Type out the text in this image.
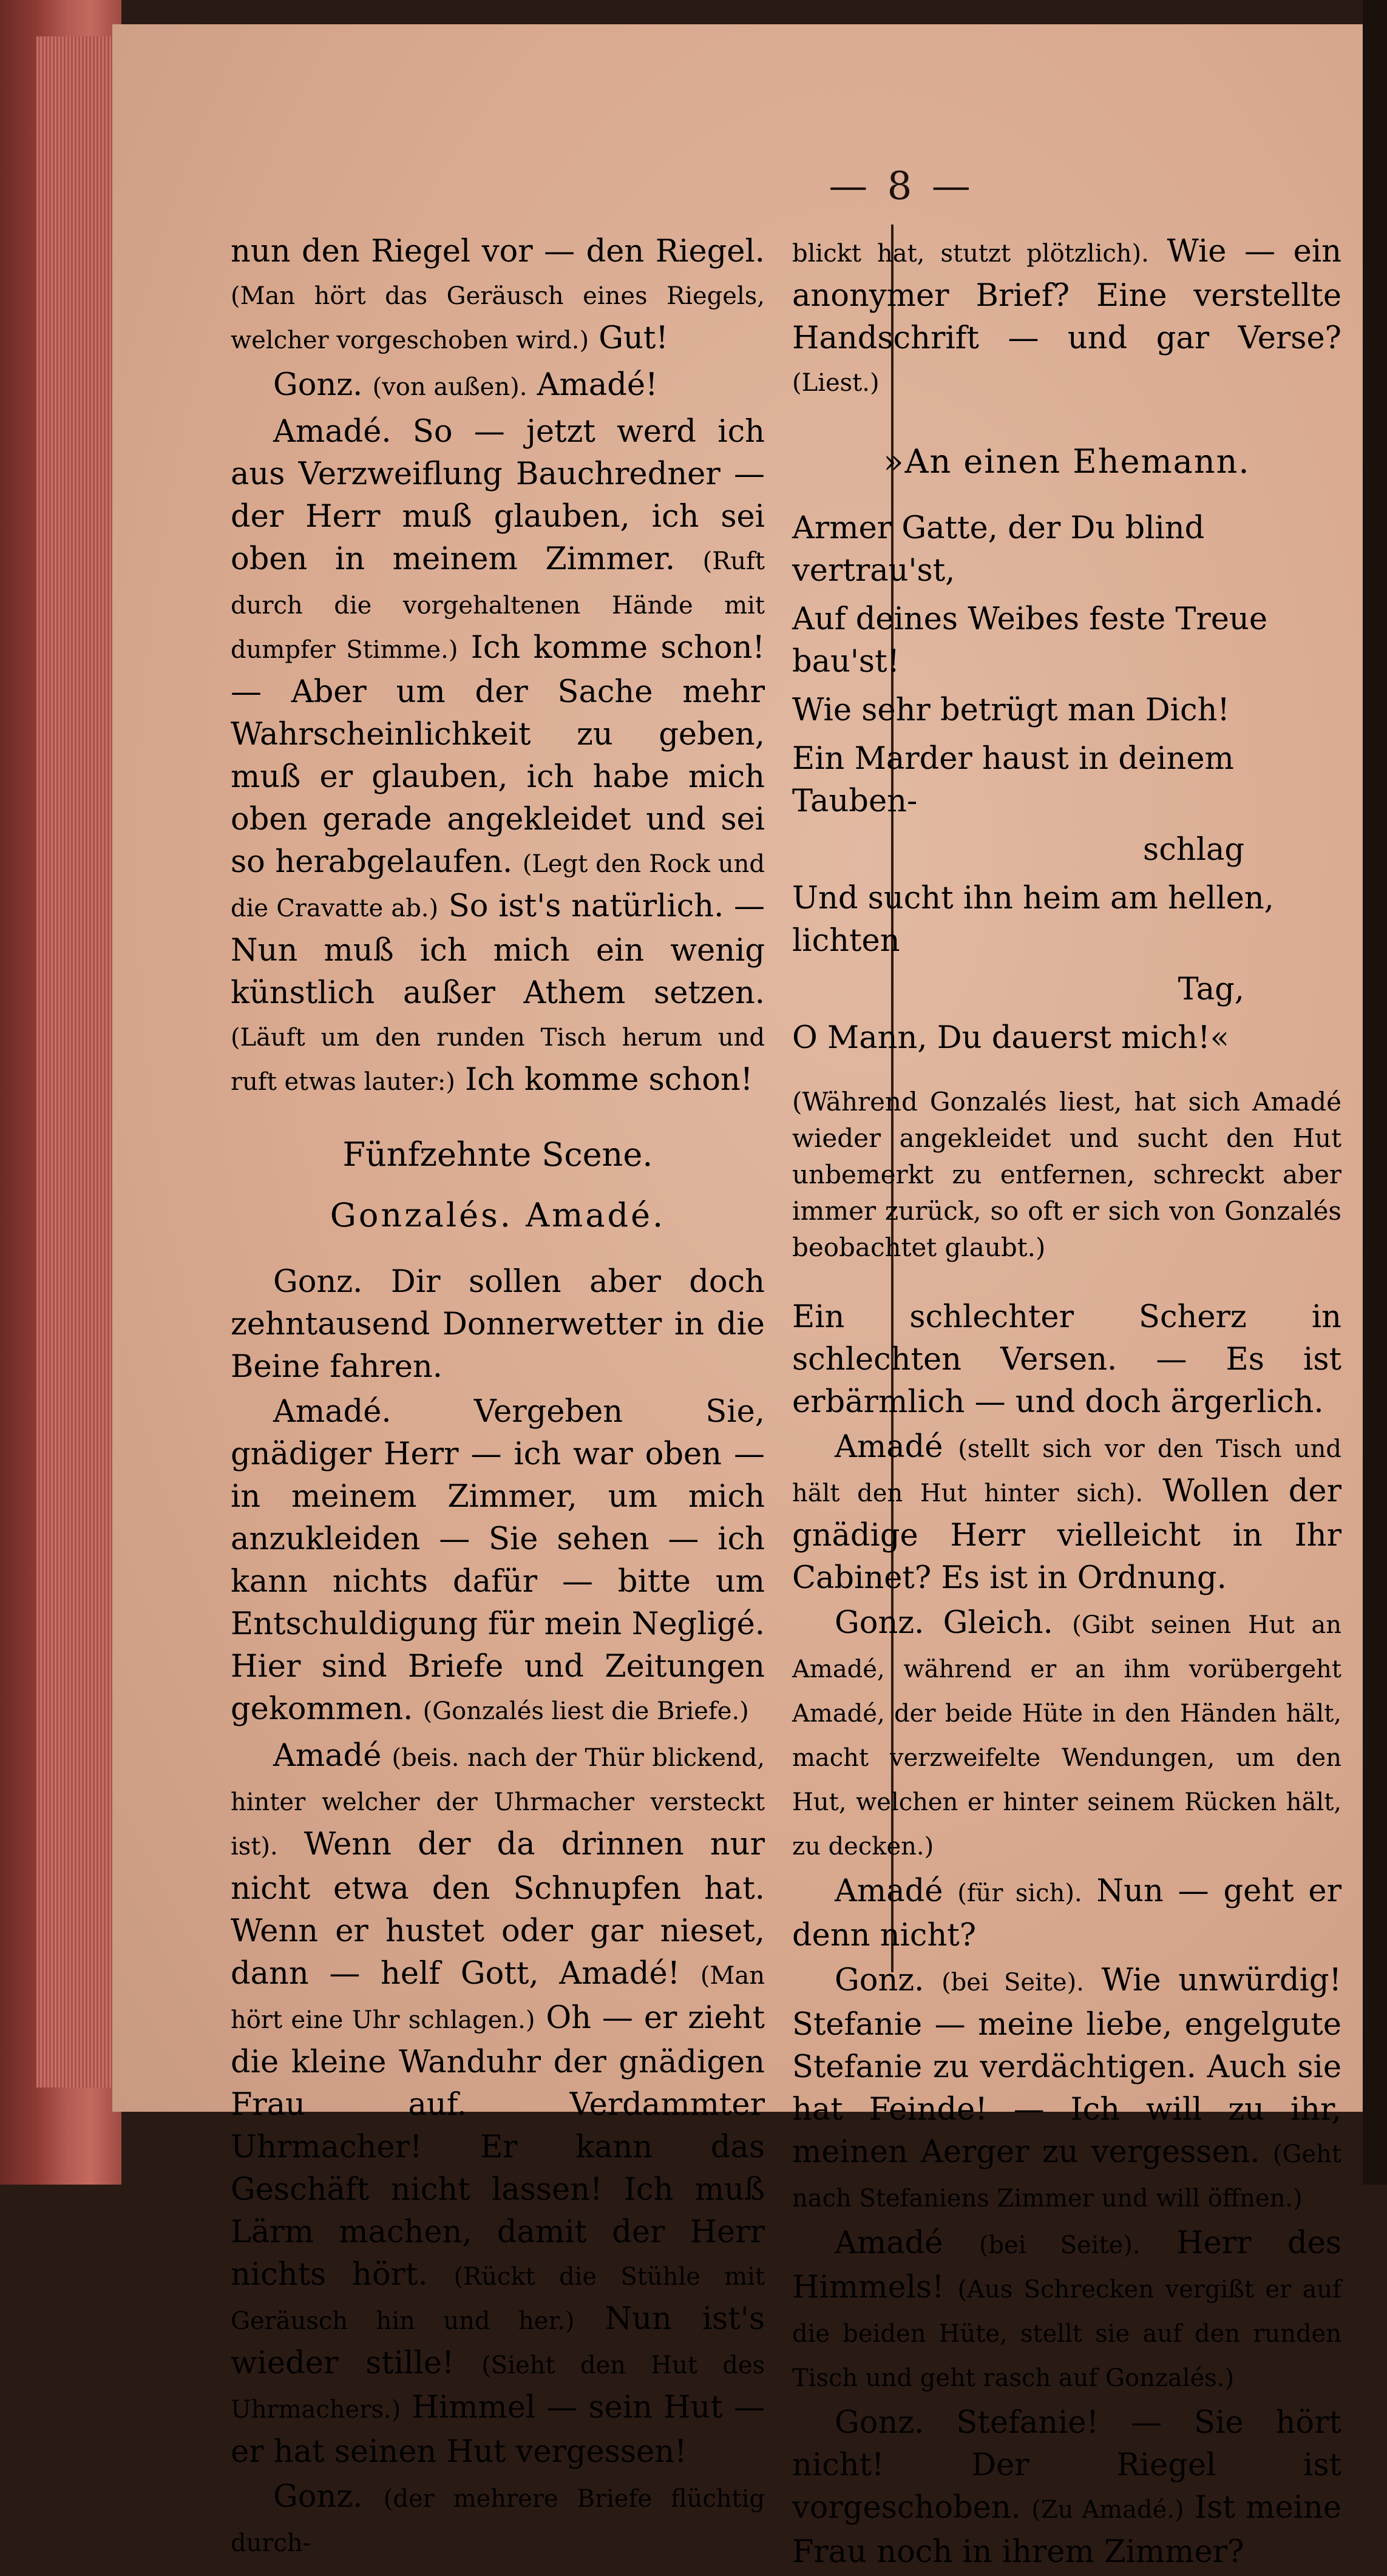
— 8 —

nun den Riegel vor — den Riegel. (Man hört das Geräusch eines Riegels, welcher vorgeschoben wird.) Gut!

Gonz. (von außen). Amadé!

Amadé. So — jetzt werd ich aus Verzweiflung Bauchredner — der Herr muß glauben, ich sei oben in meinem Zimmer. (Ruft durch die vorgehaltenen Hände mit dumpfer Stimme.) Ich komme schon! — Aber um der Sache mehr Wahrscheinlichkeit zu geben, muß er glauben, ich habe mich oben gerade angekleidet und sei so herabgelaufen. (Legt den Rock und die Cravatte ab.) So ist's natürlich. — Nun muß ich mich ein wenig künstlich außer Athem setzen. (Läuft um den runden Tisch herum und ruft etwas lauter:) Ich komme schon!

Fünfzehnte Scene.
Gonzalés. Amadé.

Gonz. Dir sollen aber doch zehntausend Donnerwetter in die Beine fahren.

Amadé. Vergeben Sie, gnädiger Herr — ich war oben — in meinem Zimmer, um mich anzukleiden — Sie sehen — ich kann nichts dafür — bitte um Entschuldigung für mein Negligé. Hier sind Briefe und Zeitungen gekommen. (Gonzalés liest die Briefe.)

Amadé (beis. nach der Thür blickend, hinter welcher der Uhrmacher versteckt ist). Wenn der da drinnen nur nicht etwa den Schnupfen hat. Wenn er hustet oder gar nieset, dann — helf Gott, Amadé! (Man hört eine Uhr schlagen.) Oh — er zieht die kleine Wanduhr der gnädigen Frau auf. Verdammter Uhrmacher! Er kann das Geschäft nicht lassen! Ich muß Lärm machen, damit der Herr nichts hört. (Rückt die Stühle mit Geräusch hin und her.) Nun ist's wieder stille! (Sieht den Hut des Uhrmachers.) Himmel — sein Hut — er hat seinen Hut vergessen!

Gonz. (der mehrere Briefe flüchtig durch-

blickt hat, stutzt plötzlich). Wie — ein anonymer Brief? Eine verstellte Handschrift — und gar Verse? (Liest.)

»An einen Ehemann.

Armer Gatte, der Du blind vertrau'st,

Auf deines Weibes feste Treue bau'st!

Wie sehr betrügt man Dich!

Ein Marder haust in deinem Tauben-

schlag

Und sucht ihn heim am hellen, lichten

Tag,

O Mann, Du dauerst mich!«

(Während Gonzalés liest, hat sich Amadé wieder angekleidet und sucht den Hut unbemerkt zu entfernen, schreckt aber immer zurück, so oft er sich von Gonzalés beobachtet glaubt.)

Ein schlechter Scherz in schlechten Versen. — Es ist erbärmlich — und doch ärgerlich.

Amadé (stellt sich vor den Tisch und hält den Hut hinter sich). Wollen der gnädige Herr vielleicht in Ihr Cabinet? Es ist in Ordnung.

Gonz. Gleich. (Gibt seinen Hut an Amadé, während er an ihm vorübergeht Amadé, der beide Hüte in den Händen hält, macht verzweifelte Wendungen, um den Hut, welchen er hinter seinem Rücken hält, zu decken.)

Amadé (für sich). Nun — geht er denn nicht?

Gonz. (bei Seite). Wie unwürdig! Stefanie — meine liebe, engelgute Stefanie zu verdächtigen. Auch sie hat Feinde! — Ich will zu ihr, meinen Aerger zu vergessen. (Geht nach Stefaniens Zimmer und will öffnen.)

Amadé (bei Seite). Herr des Himmels! (Aus Schrecken vergißt er auf die beiden Hüte, stellt sie auf den runden Tisch und geht rasch auf Gonzalés.)

Gonz. Stefanie! — Sie hört nicht! Der Riegel ist vorgeschoben. (Zu Amadé.) Ist meine Frau noch in ihrem Zimmer?
